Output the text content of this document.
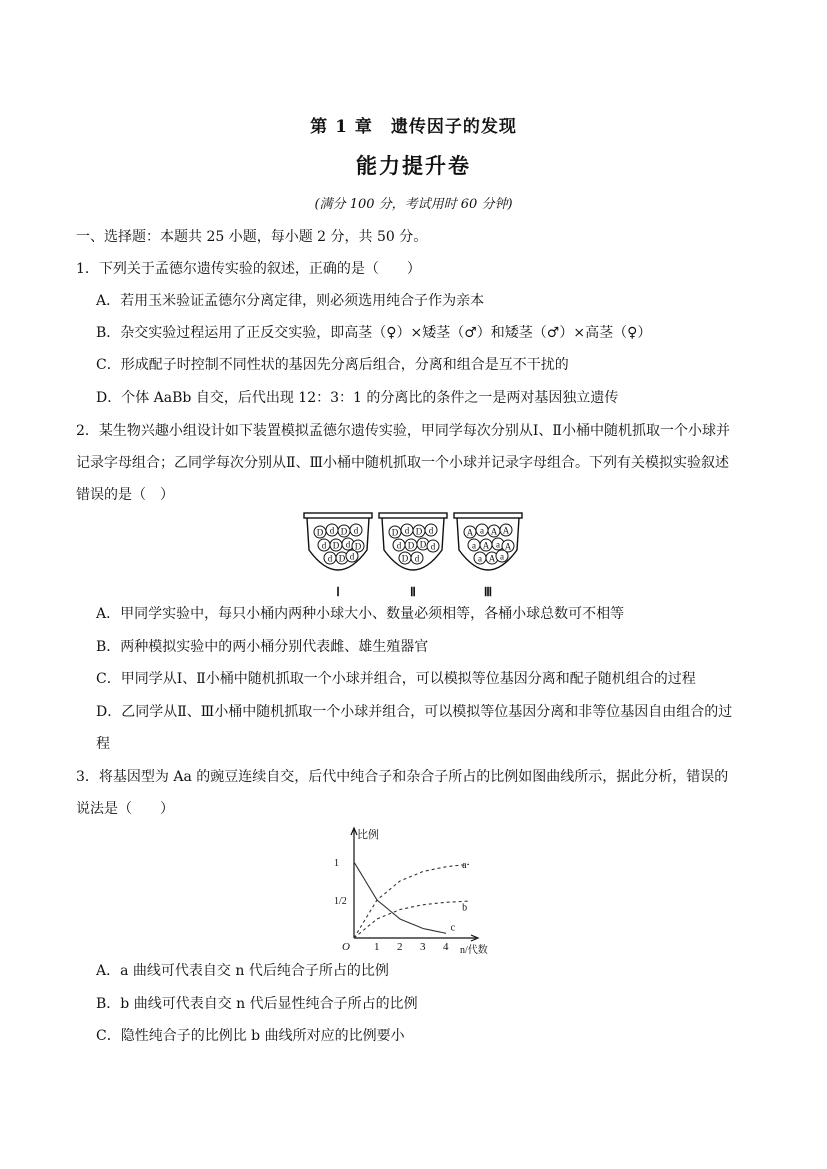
第 1 章　遗传因子的发现
能力提升卷
(满分 100 分，考试用时 60 分钟)
一、选择题：本题共 25 小题，每小题 2 分，共 50 分。
1．下列关于孟德尔遗传实验的叙述，正确的是（　　）
A．若用玉米验证孟德尔分离定律，则必须选用纯合子作为亲本
B．杂交实验过程运用了正反交实验，即高茎（♀）×矮茎（♂）和矮茎（♂）×高茎（♀）
C．形成配子时控制不同性状的基因先分离后组合，分离和组合是互不干扰的
D．个体 AaBb 自交，后代出现 12：3：1 的分离比的条件之一是两对基因独立遗传
2．某生物兴趣小组设计如下装置模拟孟德尔遗传实验，甲同学每次分别从Ⅰ、Ⅱ小桶中随机抓取一个小球并
记录字母组合；乙同学每次分别从Ⅱ、Ⅲ小桶中随机抓取一个小球并记录字母组合。下列有关模拟实验叙述
错误的是（　）
D d D d
d D d D
d D d
Ⅰ
D d D d
d D D d
D d
Ⅱ
A a A A
a A a A
a A a
Ⅲ
A．甲同学实验中，每只小桶内两种小球大小、数量必须相等，各桶小球总数可不相等
B．两种模拟实验中的两小桶分别代表雌、雄生殖器官
C．甲同学从Ⅰ、Ⅱ小桶中随机抓取一个小球并组合，可以模拟等位基因分离和配子随机组合的过程
D．乙同学从Ⅱ、Ⅲ小桶中随机抓取一个小球并组合，可以模拟等位基因分离和非等位基因自由组合的过
程
3．将基因型为 Aa 的豌豆连续自交，后代中纯合子和杂合子所占的比例如图曲线所示，据此分析，错误的
说法是（　　）
比例
O	n/代数
1 2 3 4
1/2
1	a
b
c
A．a 曲线可代表自交 n 代后纯合子所占的比例
B．b 曲线可代表自交 n 代后显性纯合子所占的比例
C．隐性纯合子的比例比 b 曲线所对应的比例要小
